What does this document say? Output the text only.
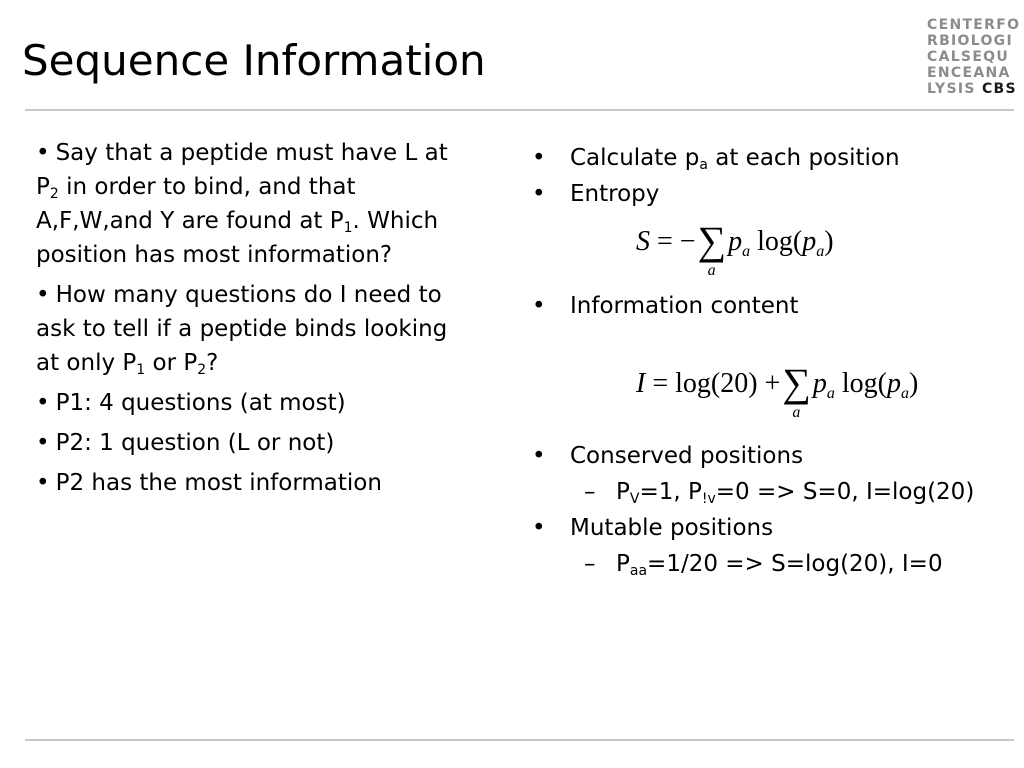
Sequence Information
CENTERFO
RBIOLOGI
CALSEQU
ENCEANA
LYSIS CBS

• Say that a peptide must have L at $P_2$ in order to bind, and that A,F,W,and Y are found at $P_1$. Which position has most information?

• How many questions do I need to ask to tell if a peptide binds looking at only $P_1$ or $P_2$?

• P1: 4 questions (at most)

• P2: 1 question (L or not)

• P2 has the most information

• Calculate $p_a$ at each position
• Entropy
• Information content
• Conserved positions
– $P_V=1$, $P_{!v}=0 => S=0$, I=log(20)
• Mutable positions
– $P_{aa}=1/20 => S=\log(20)$, I=0
S = −∑
a
$p_a$ $\log(p_a)$
I = log(20) +∑
a
$p_a$ $\log(p_a)$
